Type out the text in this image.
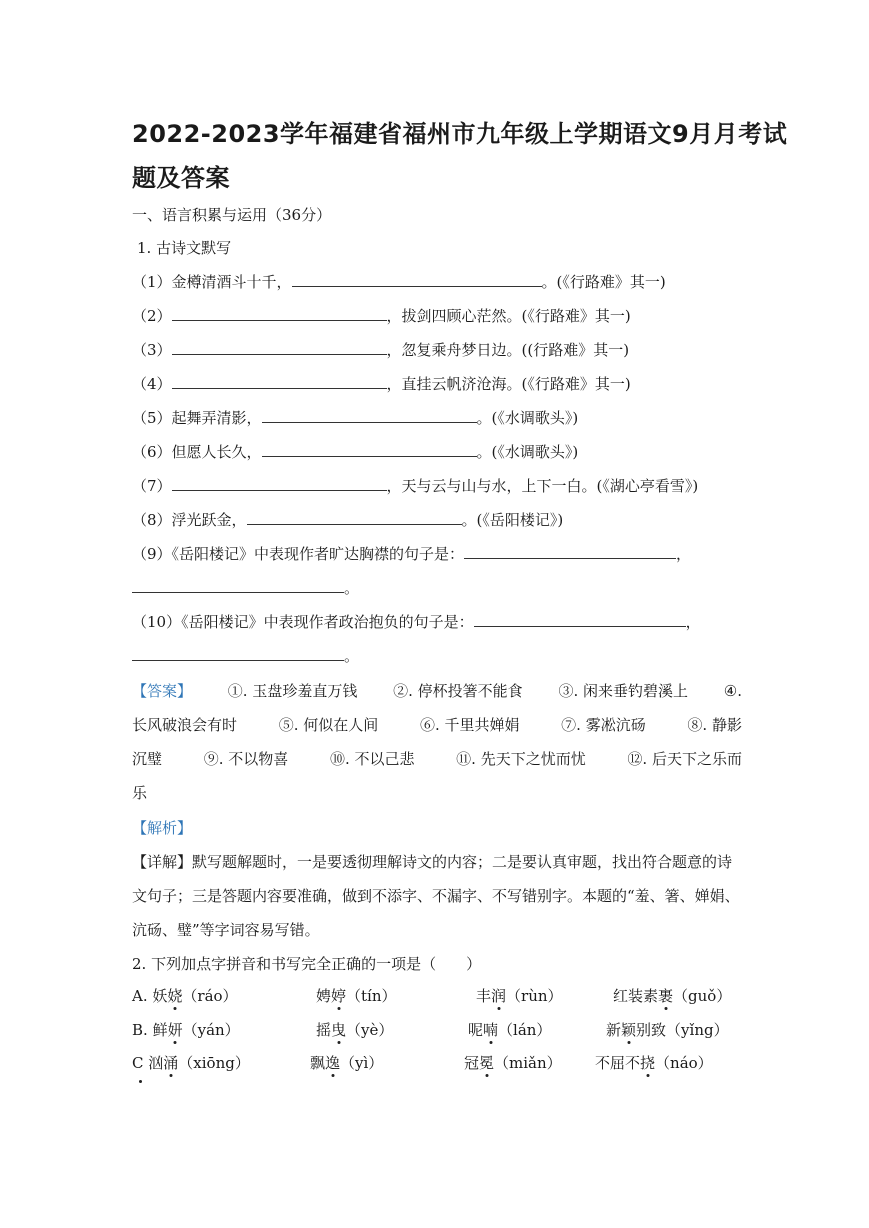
2022-2023学年福建省福州市九年级上学期语文9月月考试
题及答案
一、语言积累与运用（36分）
1. 古诗文默写
（1）金樽清酒斗十千，	。(《行路难》其一)
（2）	，拔剑四顾心茫然。(《行路难》其一)
（3）	，忽复乘舟梦日边。((行路难》其一)
（4）	，直挂云帆济沧海。(《行路难》其一)
（5）起舞弄清影，	。(《水调歌头》)
（6）但愿人长久，	。(《水调歌头》)
（7）	，天与云与山与水，上下一白。(《湖心亭看雪》)
（8）浮光跃金，	。(《岳阳楼记》)
（9）《岳阳楼记》中表现作者旷达胸襟的句子是：	，
。
（10）《岳阳楼记》中表现作者政治抱负的句子是：	，
。
【答案】 ①. 玉盘珍羞直万钱 ②. 停杯投箸不能食 ③. 闲来垂钓碧溪上 ④.
长风破浪会有时	⑤. 何似在人间	⑥. 千里共婵娟	⑦. 雾凇沆砀	⑧. 静影
沉璧	⑨. 不以物喜	⑩. 不以己悲	⑪. 先天下之忧而忧	⑫. 后天下之乐而
乐
【解析】
【详解】默写题解题时，一是要透彻理解诗文的内容；二是要认真审题，找出符合题意的诗
文句子；三是答题内容要准确，做到不添字、不漏字、不写错别字。本题的“羞、箸、婵娟、
沆砀、璧”等字词容易写错。
2. 下列加点字拼音和书写完全正确的一项是（　　）
A. 妖娆（ráo）	娉婷（tín）	丰润（rùn）	红装素裹（guǒ）
B. 鲜妍（yán）	摇曳（yè）	呢喃（lán）	新颖别致（yǐng）
C 汹涌（xiōng）	飘逸（yì）	冠冕（miǎn） 不屈不挠（náo）
